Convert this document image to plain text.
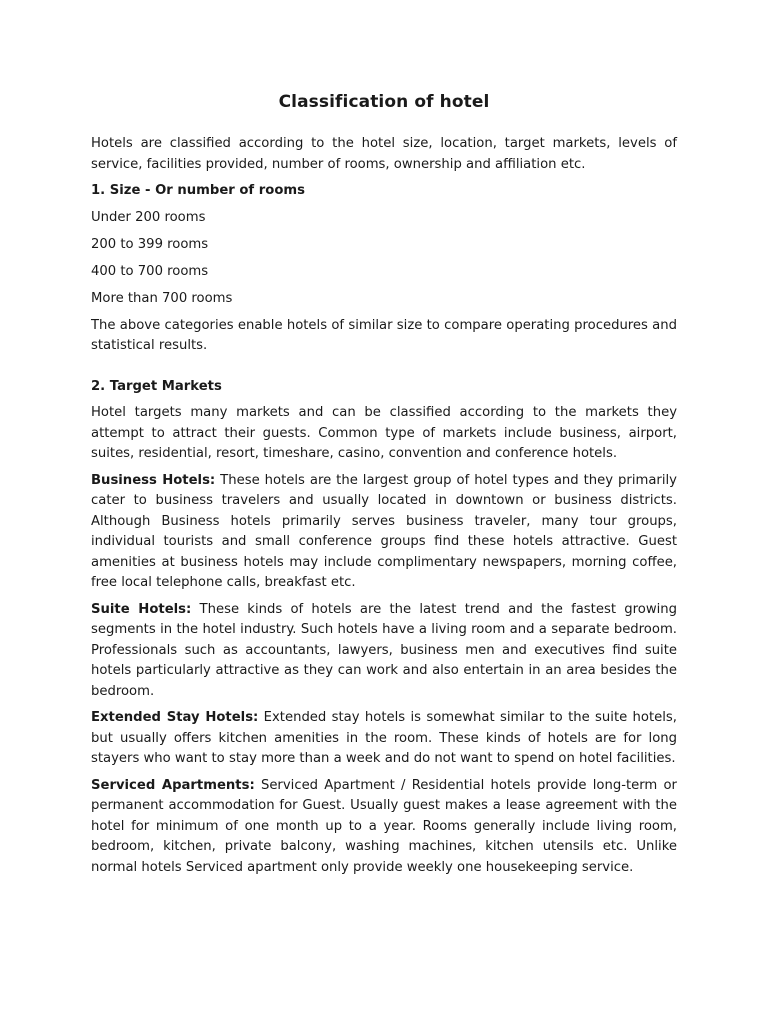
Classification of hotel

Hotels are classified according to the hotel size, location, target markets, levels of service, facilities provided, number of rooms, ownership and affiliation etc.

1. Size - Or number of rooms

Under 200 rooms

200 to 399 rooms

400 to 700 rooms

More than 700 rooms

The above categories enable hotels of similar size to compare operating procedures and statistical results.

2. Target Markets

Hotel targets many markets and can be classified according to the markets they attempt to attract their guests. Common type of markets include business, airport, suites, residential, resort, timeshare, casino, convention and conference hotels.

Business Hotels: These hotels are the largest group of hotel types and they primarily cater to business travelers and usually located in downtown or business districts. Although Business hotels primarily serves business traveler, many tour groups, individual tourists and small conference groups find these hotels attractive. Guest amenities at business hotels may include complimentary newspapers, morning coffee, free local telephone calls, breakfast etc.

Suite Hotels: These kinds of hotels are the latest trend and the fastest growing segments in the hotel industry. Such hotels have a living room and a separate bedroom. Professionals such as accountants, lawyers, business men and executives find suite hotels particularly attractive as they can work and also entertain in an area besides the bedroom.

Extended Stay Hotels: Extended stay hotels is somewhat similar to the suite hotels, but usually offers kitchen amenities in the room. These kinds of hotels are for long stayers who want to stay more than a week and do not want to spend on hotel facilities.

Serviced Apartments: Serviced Apartment / Residential hotels provide long-term or permanent accommodation for Guest. Usually guest makes a lease agreement with the hotel for minimum of one month up to a year. Rooms generally include living room, bedroom, kitchen, private balcony, washing machines, kitchen utensils etc. Unlike normal hotels Serviced apartment only provide weekly one housekeeping service.
